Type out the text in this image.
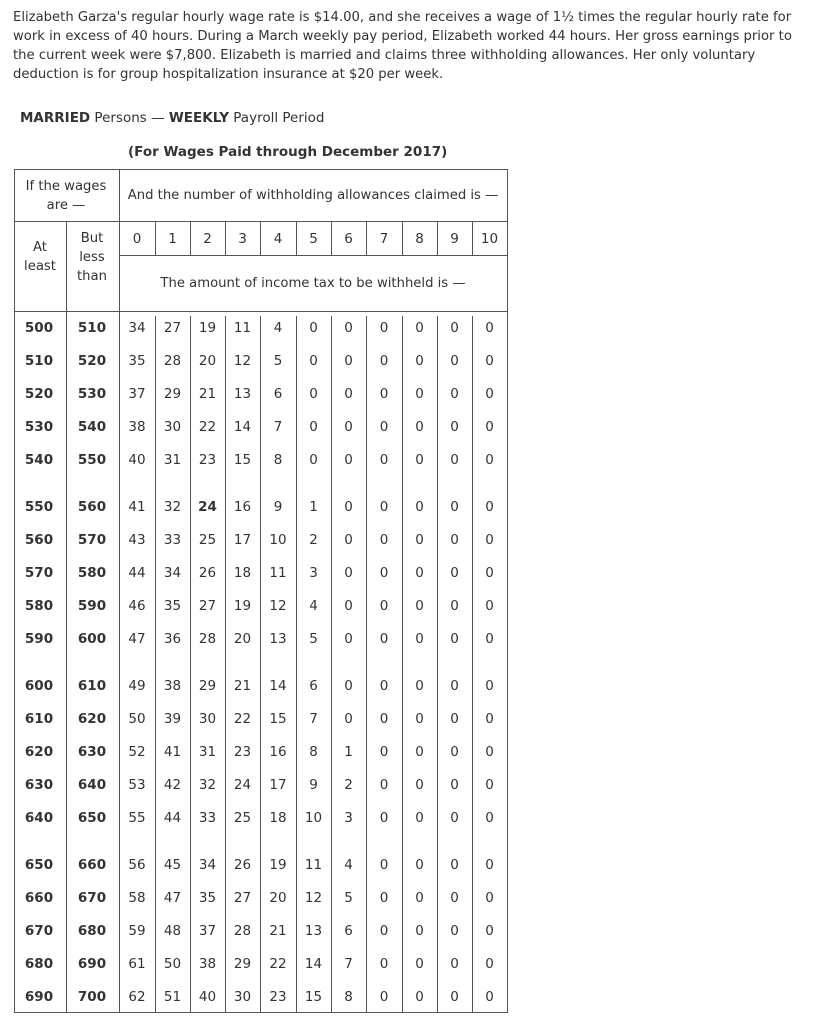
Elizabeth Garza's regular hourly wage rate is $14.00, and she receives a wage of 1½ times the regular hourly rate for work in excess of 40 hours. During a March weekly pay period, Elizabeth worked 44 hours. Her gross earnings prior to the current week were $7,800. Elizabeth is married and claims three withholding allowances. Her only voluntary deduction is for group hospitalization insurance at $20 per week.

MARRIED Persons — WEEKLY Payroll Period
(For Wages Paid through December 2017)
If the wages are —
And the number of withholding allowances claimed is —
At least
But less than	The amount of income tax to be withheld is —
0	1	2	3	4	5	6	7	8	9	10
500	510	34	27	19	11	4	0	0	0	0	0	0
510	520	35	28	20	12	5	0	0	0	0	0	0
520	530	37	29	21	13	6	0	0	0	0	0	0
530	540	38	30	22	14	7	0	0	0	0	0	0
540	550	40	31	23	15	8	0	0	0	0	0	0
550	560	41	32	24	16	9	1	0	0	0	0	0
560	570	43	33	25	17	10	2	0	0	0	0	0
570	580	44	34	26	18	11	3	0	0	0	0	0
580	590	46	35	27	19	12	4	0	0	0	0	0
590	600	47	36	28	20	13	5	0	0	0	0	0
600	610	49	38	29	21	14	6	0	0	0	0	0
610	620	50	39	30	22	15	7	0	0	0	0	0
620	630	52	41	31	23	16	8	1	0	0	0	0
630	640	53	42	32	24	17	9	2	0	0	0	0
640	650	55	44	33	25	18	10	3	0	0	0	0
650	660	56	45	34	26	19	11	4	0	0	0	0
660	670	58	47	35	27	20	12	5	0	0	0	0
670	680	59	48	37	28	21	13	6	0	0	0	0
680	690	61	50	38	29	22	14	7	0	0	0	0
690	700	62	51	40	30	23	15	8	0	0	0	0
